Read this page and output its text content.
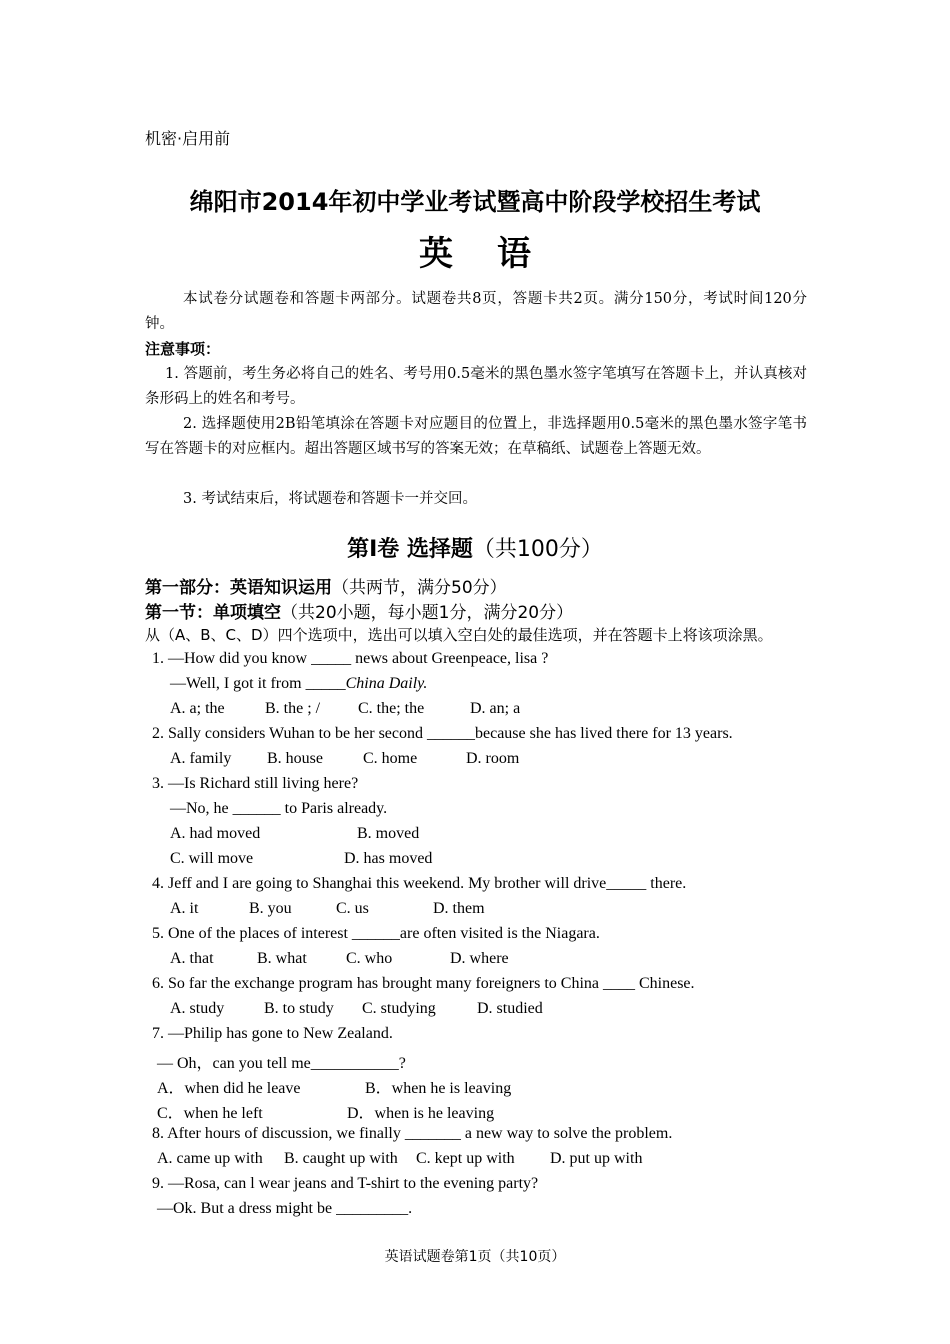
机密·启用前
绵阳市2014年初中学业考试暨高中阶段学校招生考试
英语
本试卷分试题卷和答题卡两部分。试题卷共8页，答题卡共2页。满分150分，考试时间120分钟。
注意事项：
1. 答题前，考生务必将自己的姓名、考号用0.5毫米的黑色墨水签字笔填写在答题卡上，并认真核对条形码上的姓名和考号。
2. 选择题使用2B铅笔填涂在答题卡对应题目的位置上，非选择题用0.5毫米的黑色墨水签字笔书写在答题卡的对应框内。超出答题区域书写的答案无效；在草稿纸、试题卷上答题无效。
3. 考试结束后，将试题卷和答题卡一并交回。
第I卷 选择题（共100分）
第一部分：英语知识运用（共两节，满分50分）
第一节：单项填空（共20小题，每小题1分，满分20分）
从（A、B、C、D）四个选项中，选出可以填入空白处的最佳选项，并在答题卡上将该项涂黑。
1. —How did you know _____ news about Greenpeace, lisa ?
—Well, I got it from _____China Daily.
A. a; the	B. the ; / C. the; the	D. an; a
2. Sally considers Wuhan to be her second ______because she has lived there for 13 years.
A. family B. house	C. home	D. room
3. —Is Richard still living here?
—No, he ______ to Paris already.
A. had moved	B. moved
C. will move	D. has moved
4. Jeff and I are going to Shanghai this weekend. My brother will drive_____ there.
A. it	B. you	C. us	D. them
5. One of the places of interest ______are often visited is the Niagara.
A. that	B. what C. who	D. where
6. So far the exchange program has brought many foreigners to China ____ Chinese.
A. study B. to study C. studying	D. studied
7. —Philip has gone to New Zealand.
— Oh，can you tell me___________?
A．when did he leave	B．when he is leaving
C．when he left	D．when is he leaving
8. After hours of discussion, we finally _______ a new way to solve the problem.
A. came up with B. caught up with C. kept up with D. put up with
9. —Rosa, can l wear jeans and T-shirt to the evening party?
—Ok. But a dress might be _________.
英语试题卷第1页（共10页）
